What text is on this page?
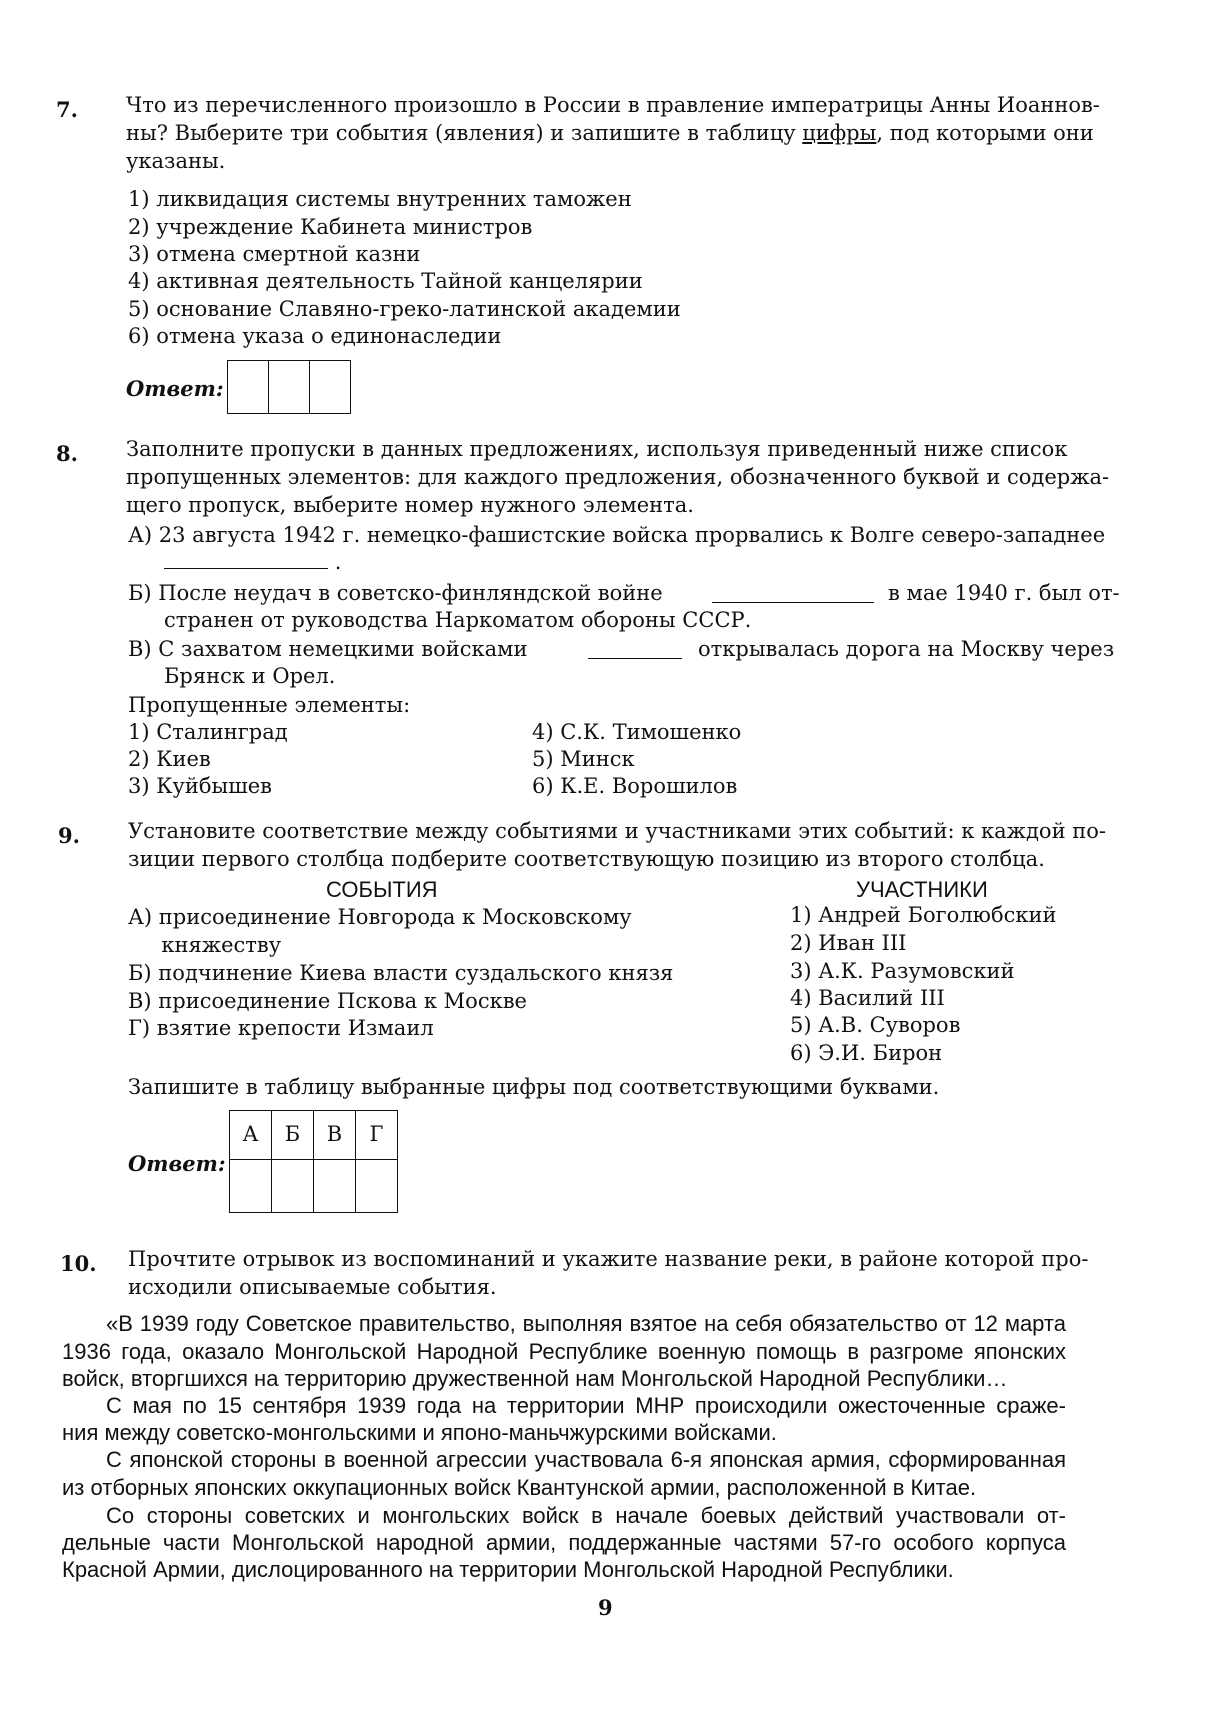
7. Что из перечисленного произошло в России в правление императрицы Анны Иоаннов-
ны? Выберите три события (явления) и запишите в таблицу цифры, под которыми они
указаны.
1) ликвидация системы внутренних таможен
2) учреждение Кабинета министров
3) отмена смертной казни
4) активная деятельность Тайной канцелярии
5) основание Славяно-греко-латинской академии
6) отмена указа о единонаследии
Ответ:

8. Заполните пропуски в данных предложениях, используя приведенный ниже список
пропущенных элементов: для каждого предложения, обозначенного буквой и содержа-
щего пропуск, выберите номер нужного элемента.
А) 23 августа 1942 г. немецко-фашистские войска прорвались к Волге северо-западнее
.
Б) После неудач в советско-финляндской войне	в мае 1940 г. был от-
странен от руководства Наркоматом обороны СССР.
В) С захватом немецкими войсками	открывалась дорога на Москву через
Брянск и Орел.
Пропущенные элементы:
1) Сталинград
2) Киев
3) Куйбышев
4) С.К. Тимошенко
5) Минск
6) К.Е. Ворошилов
9. Установите соответствие между событиями и участниками этих событий: к каждой по-
зиции первого столбца подберите соответствующую позицию из второго столбца.
СОБЫТИЯ	УЧАСТНИКИ
А) присоединение Новгорода к Московскому
княжеству
Б) подчинение Киева власти суздальского князя
В) присоединение Пскова к Москве
Г) взятие крепости Измаил
1) Андрей Боголюбский
2) Иван III
3) А.К. Разумовский
4) Василий III
5) А.В. Суворов
6) Э.И. Бирон
Запишите в таблицу выбранные цифры под соответствующими буквами.
Ответ:
А	Б	В	Г

10. Прочтите отрывок из воспоминаний и укажите название реки, в районе которой про-
исходили описываемые события.
«В 1939 году Советское правительство, выполняя взятое на себя обязательство от 12 марта
1936 года, оказало Монгольской Народной Республике военную помощь в разгроме японских
войск, вторгшихся на территорию дружественной нам Монгольской Народной Республики…
С мая по 15 сентября 1939 года на территории МНР происходили ожесточенные сраже-
ния между советско-монгольскими и японо-маньчжурскими войсками.
С японской стороны в военной агрессии участвовала 6-я японская армия, сформированная
из отборных японских оккупационных войск Квантунской армии, расположенной в Китае.
Со стороны советских и монгольских войск в начале боевых действий участвовали от-
дельные части Монгольской народной армии, поддержанные частями 57-го особого корпуса
Красной Армии, дислоцированного на территории Монгольской Народной Республики.
9
